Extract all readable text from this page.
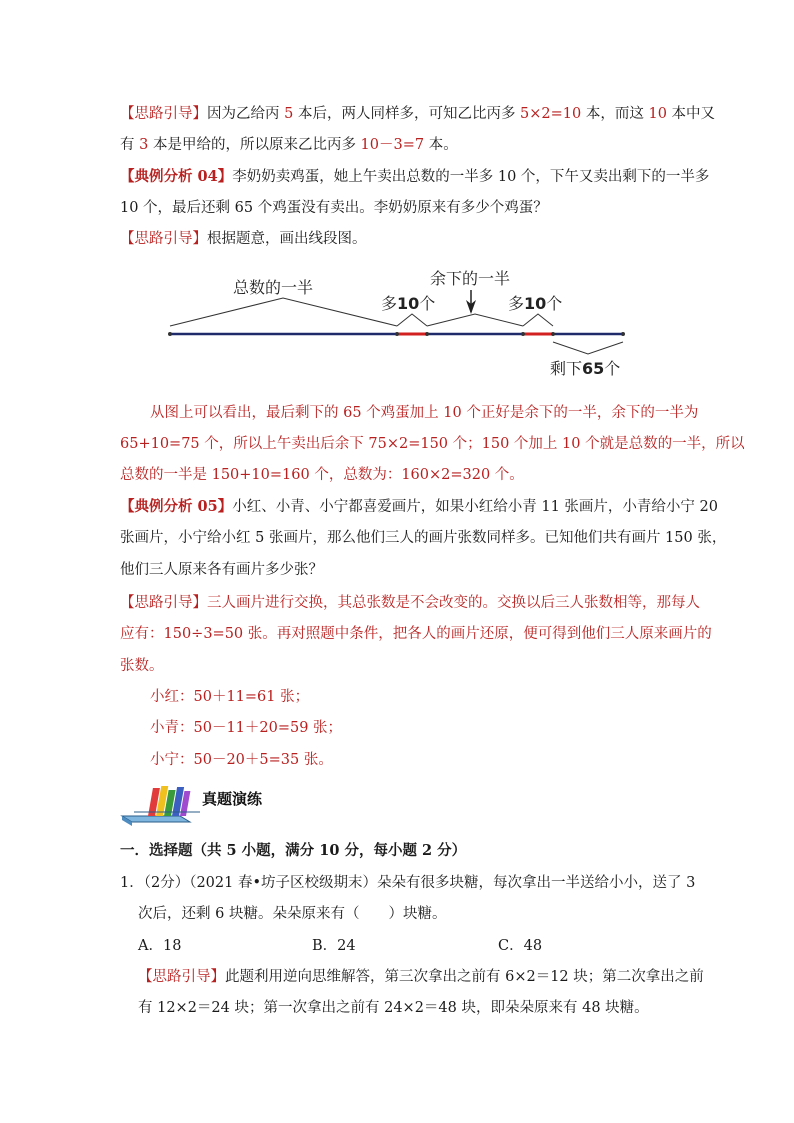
【思路引导】因为乙给丙 5 本后，两人同样多，可知乙比丙多 5×2=10 本，而这 10 本中又
有 3 本是甲给的，所以原来乙比丙多 10－3=7 本。
【典例分析 04】李奶奶卖鸡蛋，她上午卖出总数的一半多 10 个，下午又卖出剩下的一半多
10 个，最后还剩 65 个鸡蛋没有卖出。李奶奶原来有多少个鸡蛋？
【思路引导】根据题意，画出线段图。
总数的一半	余下的一半
多10个	多10个
剩下65个
从图上可以看出，最后剩下的 65 个鸡蛋加上 10 个正好是余下的一半，余下的一半为
65+10=75 个，所以上午卖出后余下 75×2=150 个；150 个加上 10 个就是总数的一半，所以
总数的一半是 150+10=160 个，总数为：160×2=320 个。
【典例分析 05】小红、小青、小宁都喜爱画片，如果小红给小青 11 张画片，小青给小宁 20
张画片，小宁给小红 5 张画片，那么他们三人的画片张数同样多。已知他们共有画片 150 张，
他们三人原来各有画片多少张？
【思路引导】三人画片进行交换，其总张数是不会改变的。交换以后三人张数相等，那每人
应有：150÷3=50 张。再对照题中条件，把各人的画片还原，便可得到他们三人原来画片的
张数。
小红：50＋11=61 张；
小青：50－11＋20=59 张；
小宁：50－20＋5=35 张。
真题演练
一．选择题（共 5 小题，满分 10 分，每小题 2 分）
1．（2分）（2021 春•坊子区校级期末）朵朵有很多块糖，每次拿出一半送给小小，送了 3
次后，还剩 6 块糖。朵朵原来有（　　）块糖。
A．18	B．24	C．48
【思路引导】此题利用逆向思维解答，第三次拿出之前有 6×2＝12 块；第二次拿出之前
有 12×2＝24 块；第一次拿出之前有 24×2＝48 块，即朵朵原来有 48 块糖。
